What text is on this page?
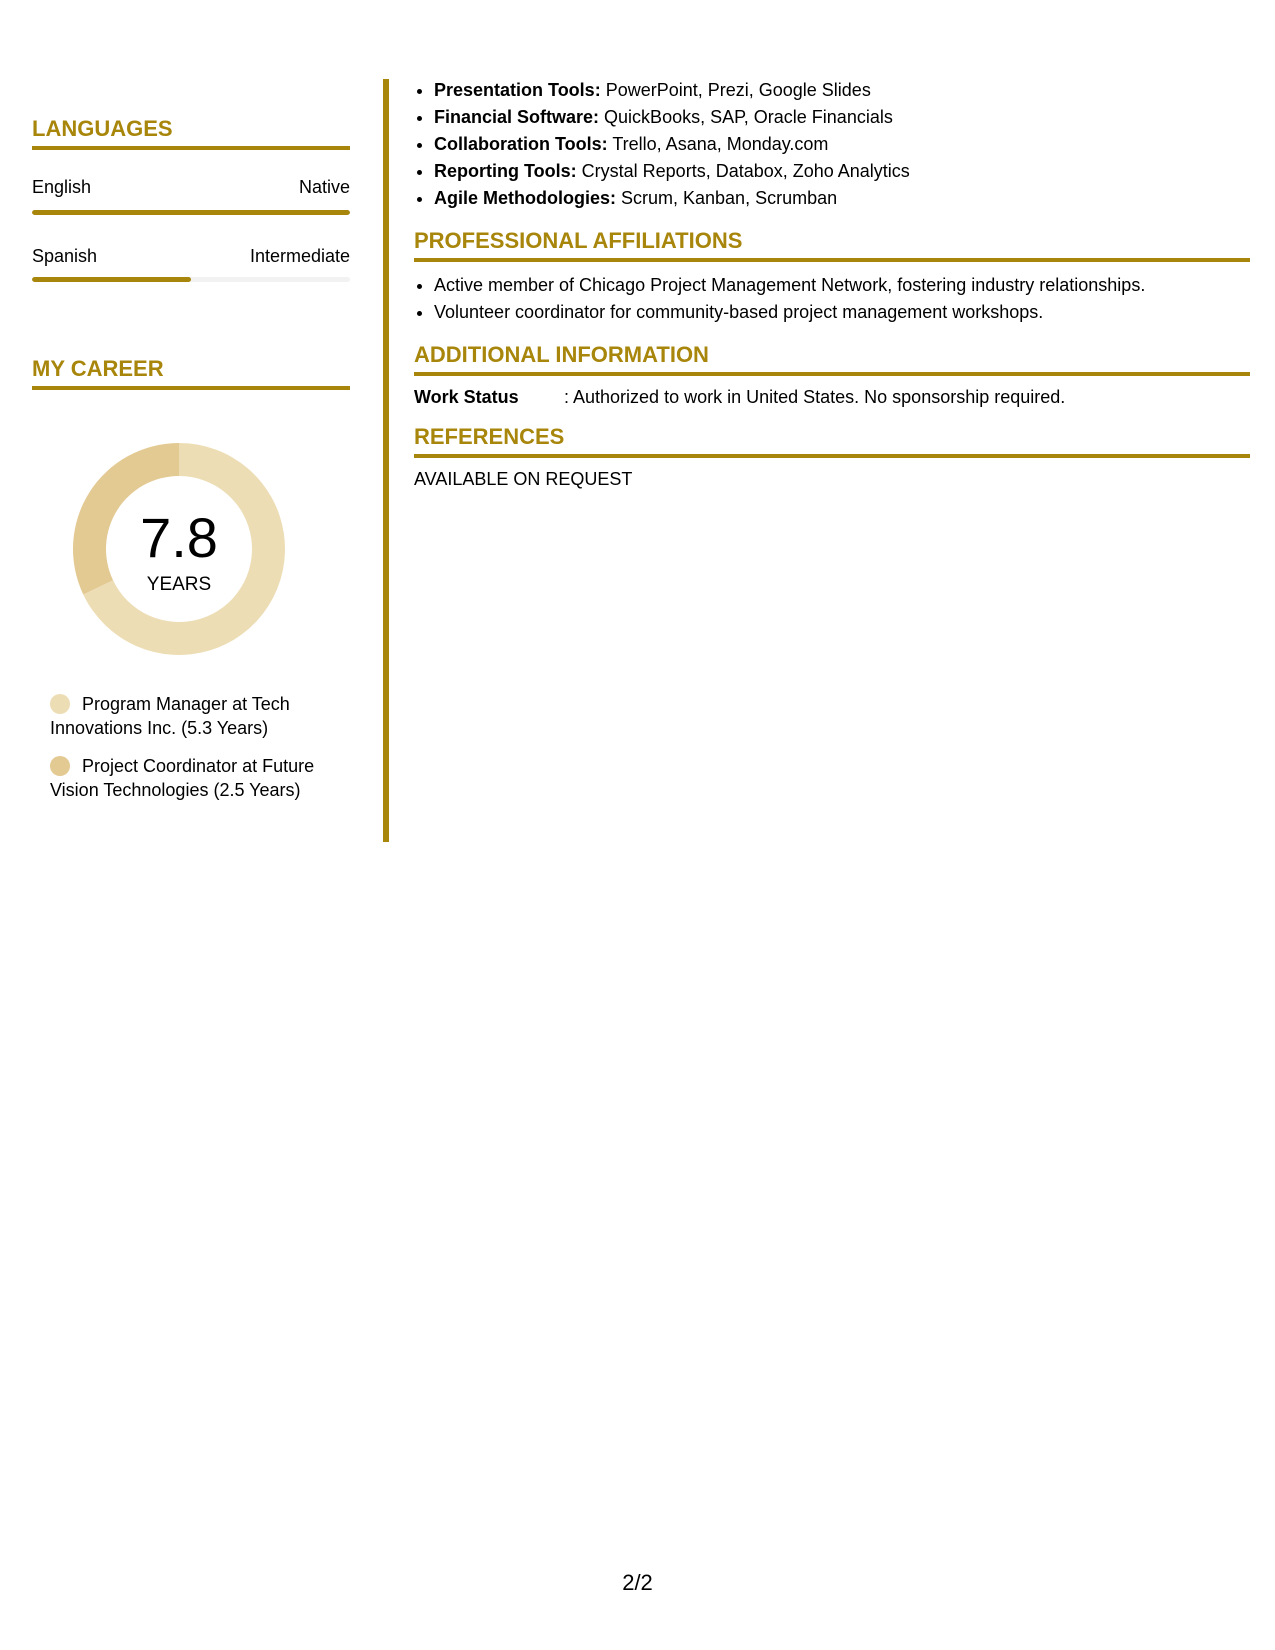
LANGUAGES
English	Native
Spanish	Intermediate
MY CAREER
7.8
YEARS
Program Manager at Tech Innovations Inc. (5.3 Years)
Project Coordinator at Future Vision Technologies (2.5 Years)
• Presentation Tools: PowerPoint, Prezi, Google Slides
• Financial Software: QuickBooks, SAP, Oracle Financials
• Collaboration Tools: Trello, Asana, Monday.com
• Reporting Tools: Crystal Reports, Databox, Zoho Analytics
• Agile Methodologies: Scrum, Kanban, Scrumban
PROFESSIONAL AFFILIATIONS
• Active member of Chicago Project Management Network, fostering industry relationships.
• Volunteer coordinator for community-based project management workshops.
ADDITIONAL INFORMATION
Work Status	: Authorized to work in United States. No sponsorship required.
REFERENCES
AVAILABLE ON REQUEST
2/2
